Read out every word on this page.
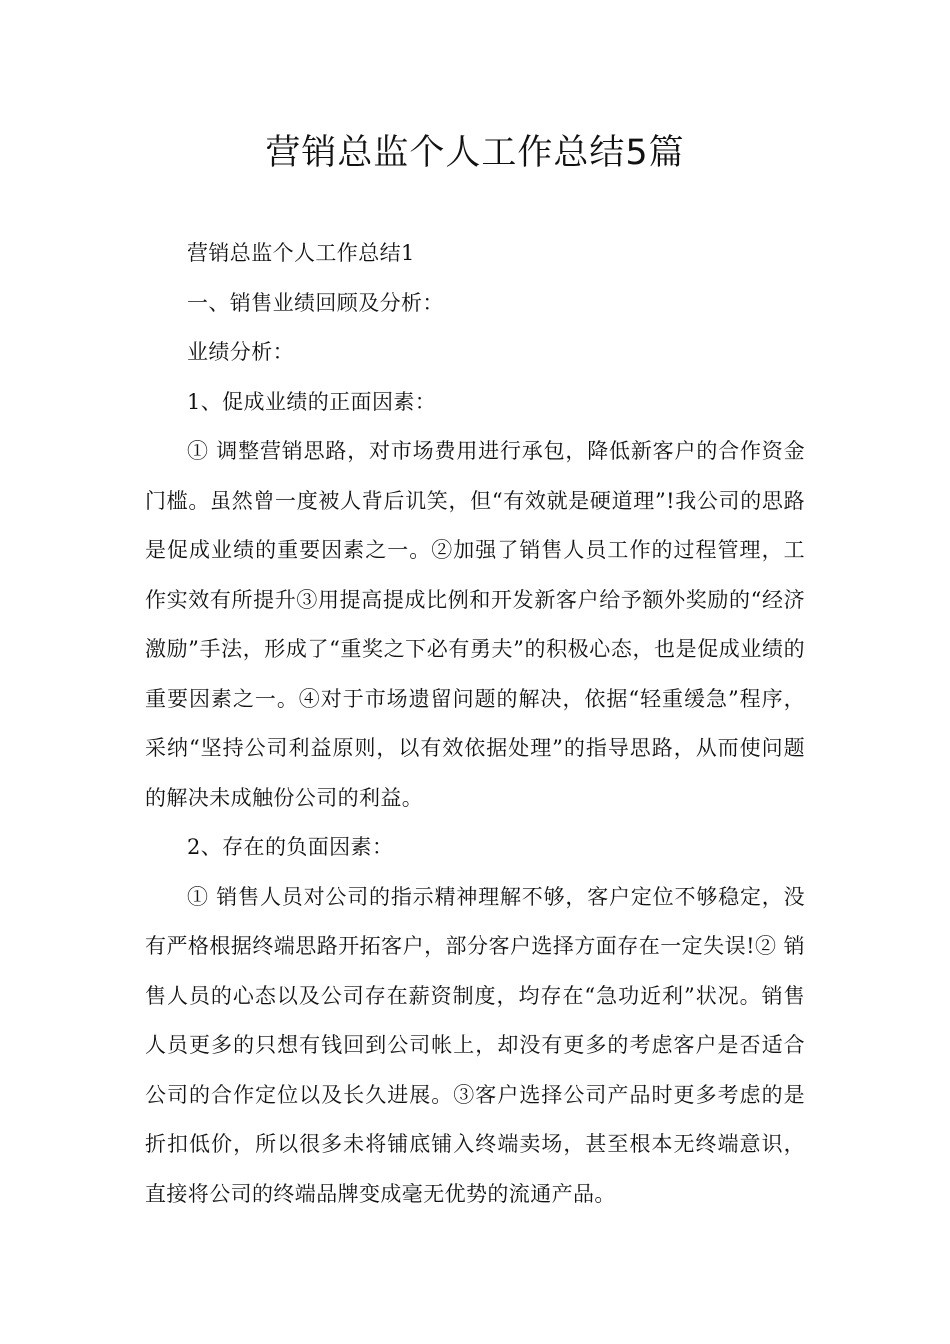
营销总监个人工作总结5篇

营销总监个人工作总结1

一、销售业绩回顾及分析：

业绩分析：

1、促成业绩的正面因素：

① 调整营销思路，对市场费用进行承包，降低新客户的合作资金门槛。虽然曾一度被人背后讥笑，但“有效就是硬道理”!我公司的思路是促成业绩的重要因素之一。②加强了销售人员工作的过程管理，工作实效有所提升③用提高提成比例和开发新客户给予额外奖励的“经济激励”手法，形成了“重奖之下必有勇夫”的积极心态，也是促成业绩的重要因素之一。④对于市场遗留问题的解决，依据“轻重缓急”程序，采纳“坚持公司利益原则，以有效依据处理”的指导思路，从而使问题的解决未成触份公司的利益。

2、存在的负面因素：

① 销售人员对公司的指示精神理解不够，客户定位不够稳定，没有严格根据终端思路开拓客户，部分客户选择方面存在一定失误!② 销售人员的心态以及公司存在薪资制度，均存在“急功近利”状况。销售人员更多的只想有钱回到公司帐上，却没有更多的考虑客户是否适合公司的合作定位以及长久进展。③客户选择公司产品时更多考虑的是折扣低价，所以很多未将铺底铺入终端卖场，甚至根本无终端意识，直接将公司的终端品牌变成毫无优势的流通产品。
